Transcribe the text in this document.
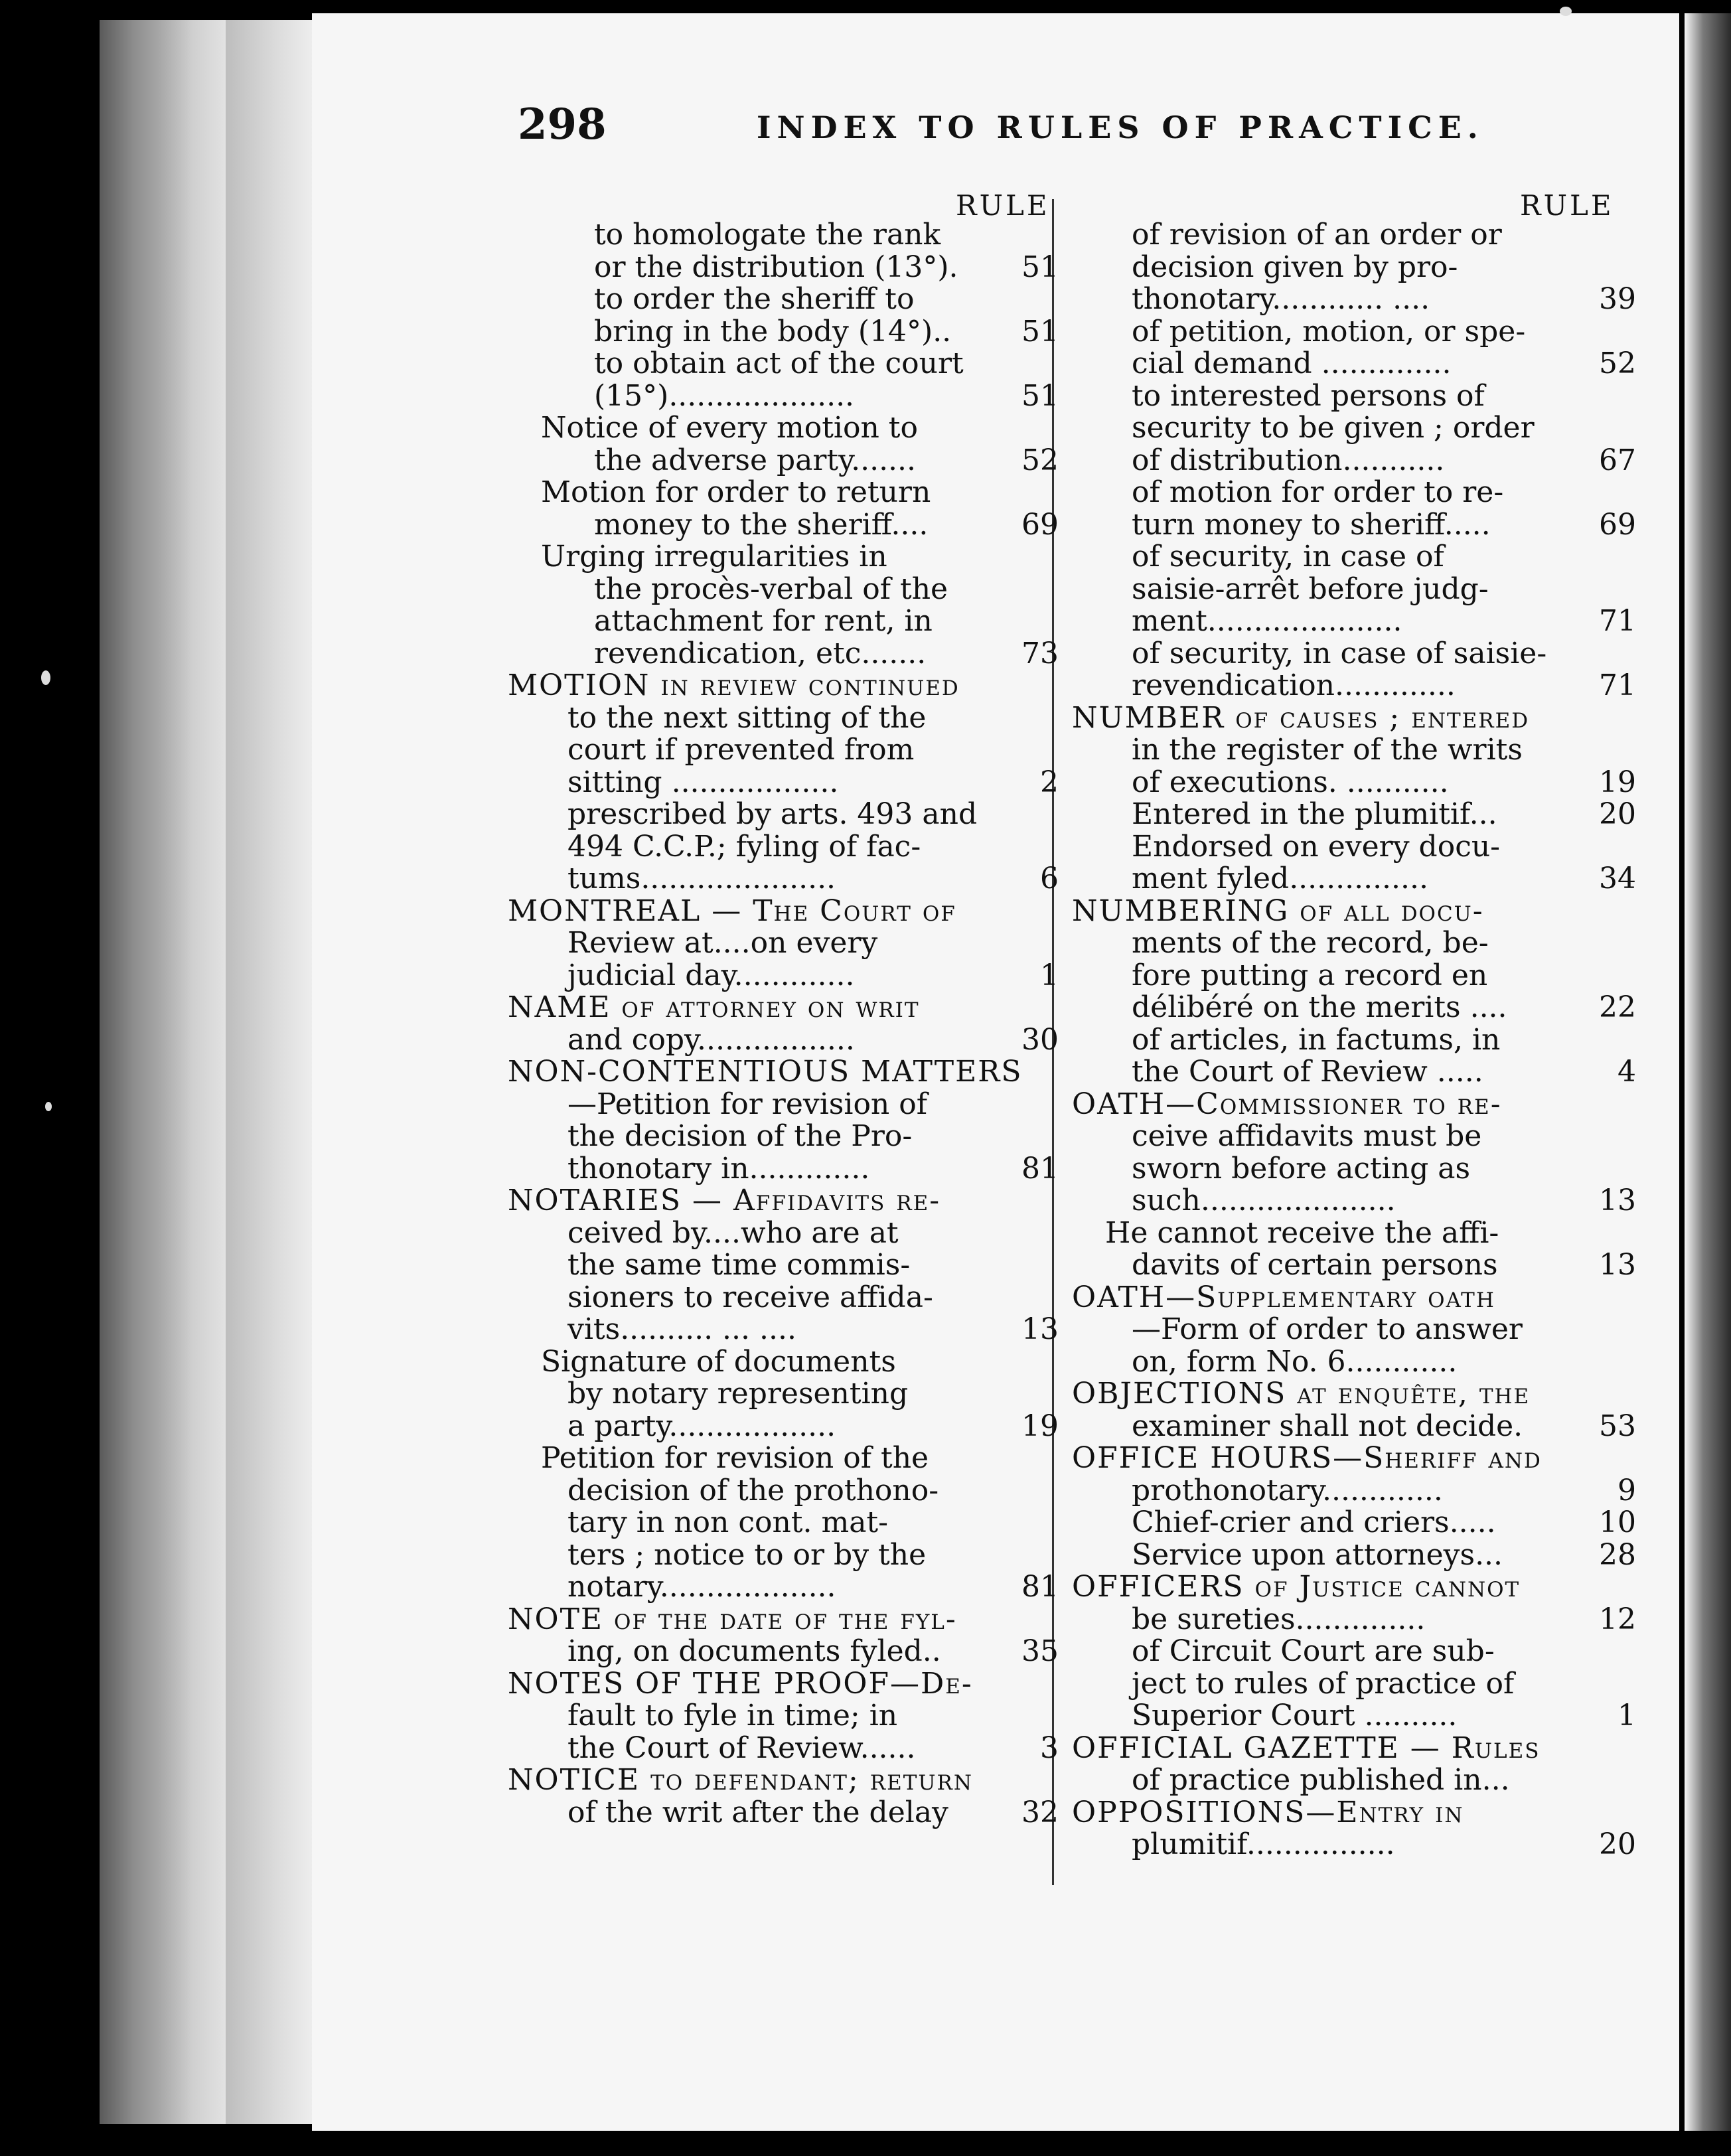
298	INDEX TO RULES OF PRACTICE.
RULE	RULE
to homologate the rank
or the distribution (13°).	51
to order the sheriff to
bring in the body (14°)..	51
to obtain act of the court
(15°)....................	51
Notice of every motion to
the adverse party.......	52
Motion for order to return
money to the sheriff....	69
Urging irregularities in
the procès-verbal of the
attachment for rent, in
revendication, etc.......	73
MOTION in review continued
to the next sitting of the
court if prevented from
sitting ..................	2
prescribed by arts. 493 and
494 C.C.P.; fyling of fac-
tums.....................	6
MONTREAL — The Court of
Review at....on every
judicial day.............	1
NAME of attorney on writ
and copy.................	30
NON-CONTENTIOUS MATTERS
—Petition for revision of
the decision of the Pro-
thonotary in.............	81
NOTARIES — Affidavits re-
ceived by....who are at
the same time commis-
sioners to receive affida-
vits.......... ... ....	13
Signature of documents
by notary representing
a party..................	19
Petition for revision of the
decision of the prothono-
tary in non cont. mat-
ters ; notice to or by the
notary...................	81
NOTE of the date of the fyl-
ing, on documents fyled..	35
NOTES OF THE PROOF—De-
fault to fyle in time; in
the Court of Review......	3
NOTICE to defendant; return
of the writ after the delay	32
of revision of an order or
decision given by pro-
thonotary............ ....	39
of petition, motion, or spe-
cial demand ..............	52
to interested persons of
security to be given ; order
of distribution...........	67
of motion for order to re-
turn money to sheriff.....	69
of security, in case of
saisie-arrêt before judg-
ment.....................	71
of security, in case of saisie-
revendication.............	71
NUMBER of causes ; entered
in the register of the writs
of executions. ...........	19
Entered in the plumitif...	20
Endorsed on every docu-
ment fyled...............	34
NUMBERING of all docu-
ments of the record, be-
fore putting a record en
délibéré on the merits ....	22
of articles, in factums, in
the Court of Review .....	4
OATH—Commissioner to re-
ceive affidavits must be
sworn before acting as
such.....................	13
He cannot receive the affi-
davits of certain persons	13
OATH—Supplementary oath
—Form of order to answer
on, form No. 6............
OBJECTIONS at enquête, the
examiner shall not decide.	53
OFFICE HOURS—Sheriff and
prothonotary.............	9
Chief-crier and criers.....	10
Service upon attorneys...	28
OFFICERS of Justice cannot
be sureties..............	12
of Circuit Court are sub-
ject to rules of practice of
Superior Court ..........	1
OFFICIAL GAZETTE — Rules
of practice published in...
OPPOSITIONS—Entry in
plumitif................	20
